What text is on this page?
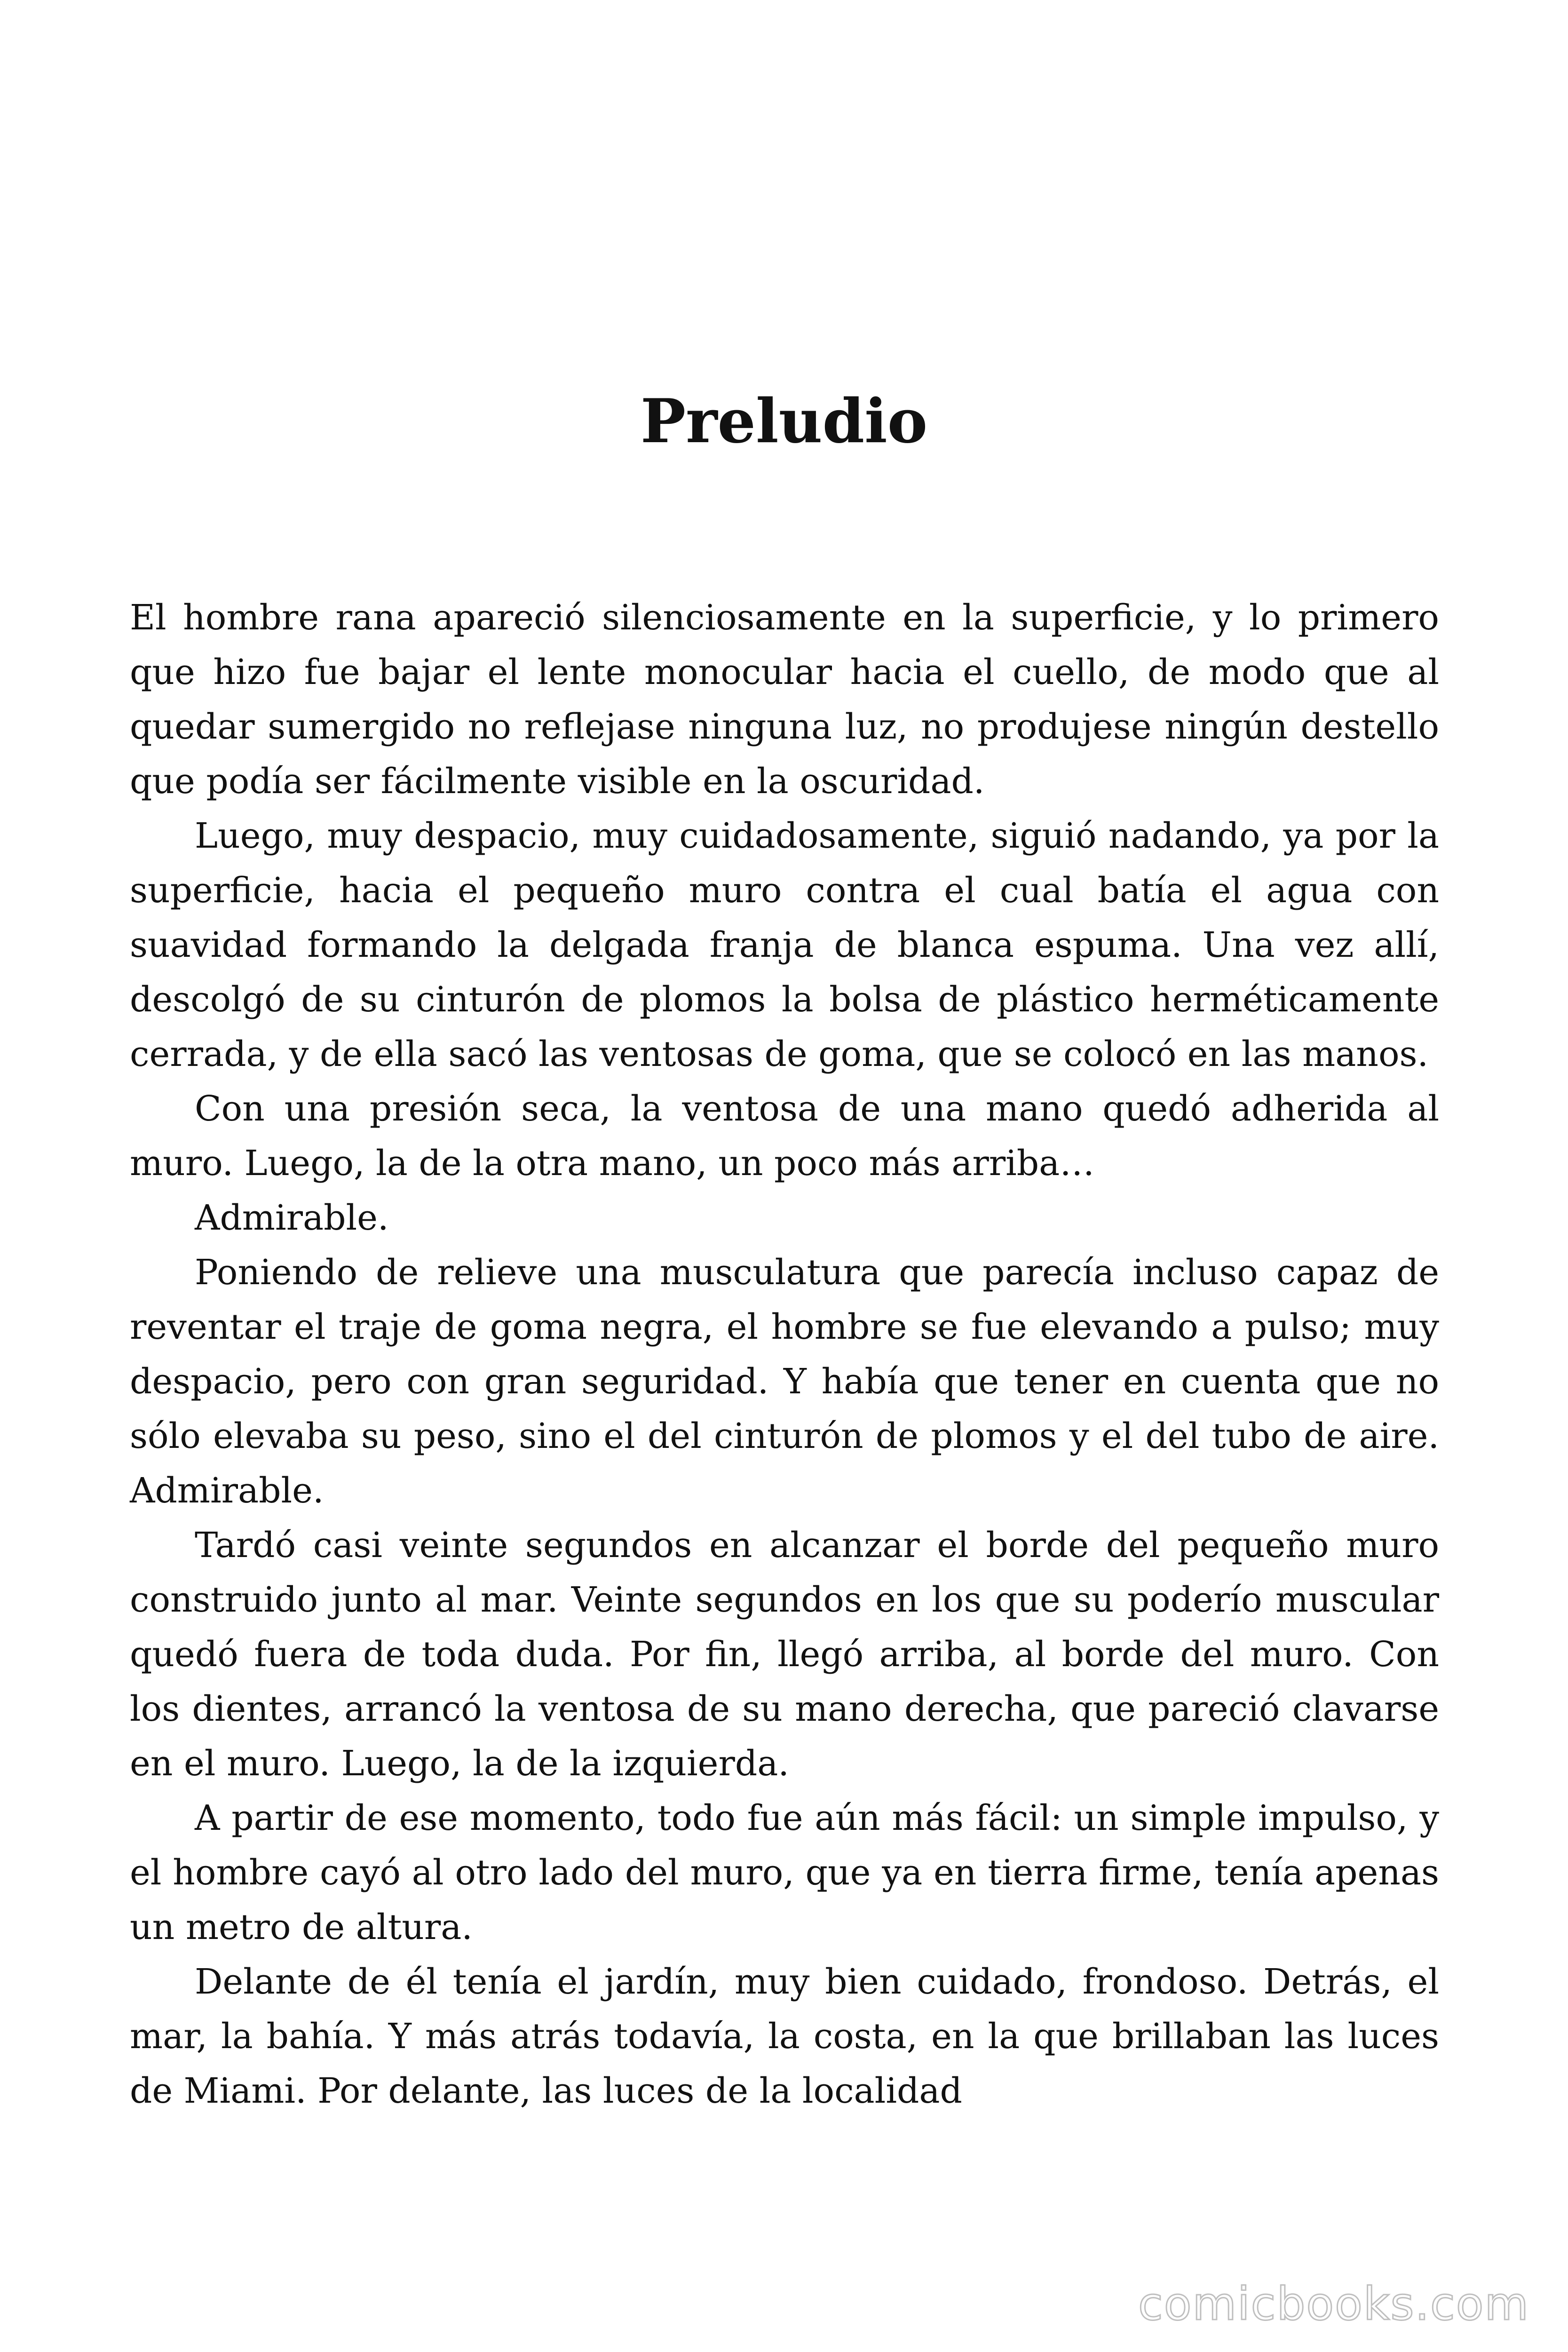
Preludio

El hombre rana apareció silenciosamente en la superficie, y lo primero que hizo fue bajar el lente monocular hacia el cuello, de modo que al quedar sumergido no reflejase ninguna luz, no produjese ningún destello que podía ser fácilmente visible en la oscuridad.

Luego, muy despacio, muy cuidadosamente, siguió nadando, ya por la superficie, hacia el pequeño muro contra el cual batía el agua con suavidad formando la delgada franja de blanca espuma. Una vez allí, descolgó de su cinturón de plomos la bolsa de plástico herméticamente cerrada, y de ella sacó las ventosas de goma, que se colocó en las manos.

Con una presión seca, la ventosa de una mano quedó adherida al muro. Luego, la de la otra mano, un poco más arriba…

Admirable.

Poniendo de relieve una musculatura que parecía incluso capaz de reventar el traje de goma negra, el hombre se fue elevando a pulso; muy despacio, pero con gran seguridad. Y había que tener en cuenta que no sólo elevaba su peso, sino el del cinturón de plomos y el del tubo de aire. Admirable.

Tardó casi veinte segundos en alcanzar el borde del pequeño muro construido junto al mar. Veinte segundos en los que su poderío muscular quedó fuera de toda duda. Por fin, llegó arriba, al borde del muro. Con los dientes, arrancó la ventosa de su mano derecha, que pareció clavarse en el muro. Luego, la de la izquierda.

A partir de ese momento, todo fue aún más fácil: un simple impulso, y el hombre cayó al otro lado del muro, que ya en tierra firme, tenía apenas un metro de altura.

Delante de él tenía el jardín, muy bien cuidado, frondoso. Detrás, el mar, la bahía. Y más atrás todavía, la costa, en la que brillaban las luces de Miami. Por delante, las luces de la localidad

comicbooks.com
